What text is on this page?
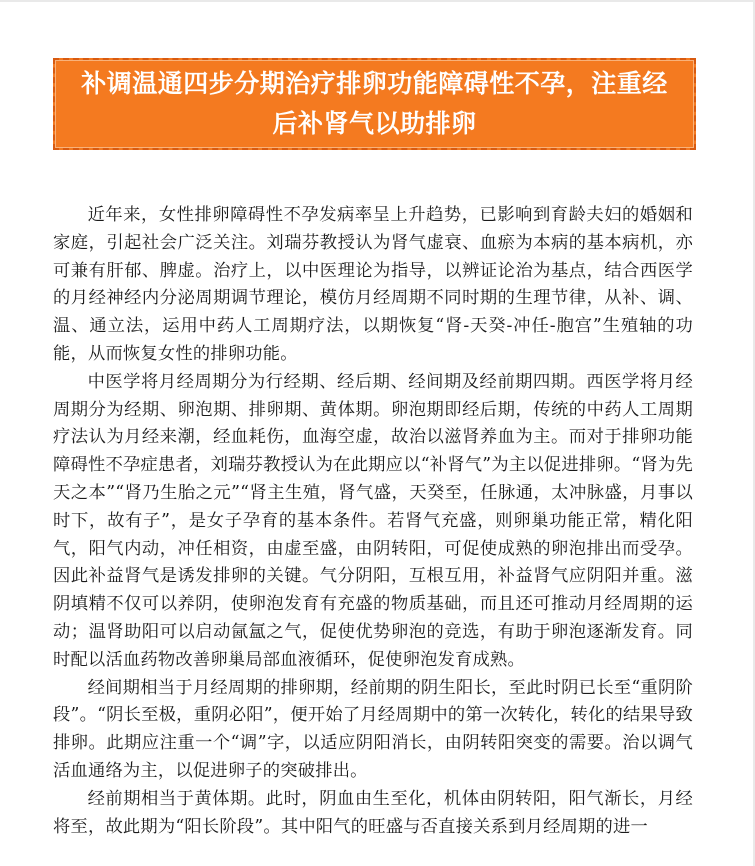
补调温通四步分期治疗排卵功能障碍性不孕，注重经后补肾气以助排卵

近年来，女性排卵障碍性不孕发病率呈上升趋势，已影响到育龄夫妇的婚姻和家庭，引起社会广泛关注。刘瑞芬教授认为肾气虚衰、血瘀为本病的基本病机，亦可兼有肝郁、脾虚。治疗上，以中医理论为指导，以辨证论治为基点，结合西医学的月经神经内分泌周期调节理论，模仿月经周期不同时期的生理节律，从补、调、温、通立法，运用中药人工周期疗法，以期恢复“肾-天癸-冲任-胞宫”生殖轴的功能，从而恢复女性的排卵功能。

中医学将月经周期分为行经期、经后期、经间期及经前期四期。西医学将月经周期分为经期、卵泡期、排卵期、黄体期。卵泡期即经后期，传统的中药人工周期疗法认为月经来潮，经血耗伤，血海空虚，故治以滋肾养血为主。而对于排卵功能障碍性不孕症患者，刘瑞芬教授认为在此期应以“补肾气”为主以促进排卵。“肾为先天之本”“肾乃生胎之元”“肾主生殖，肾气盛，天癸至，任脉通，太冲脉盛，月事以时下，故有子”，是女子孕育的基本条件。若肾气充盛，则卵巢功能正常，精化阳气，阳气内动，冲任相资，由虚至盛，由阴转阳，可促使成熟的卵泡排出而受孕。因此补益肾气是诱发排卵的关键。气分阴阳，互根互用，补益肾气应阴阳并重。滋阴填精不仅可以养阴，使卵泡发育有充盛的物质基础，而且还可推动月经周期的运动；温肾助阳可以启动氤氲之气，促使优势卵泡的竞选，有助于卵泡逐渐发育。同时配以活血药物改善卵巢局部血液循环，促使卵泡发育成熟。

经间期相当于月经周期的排卵期，经前期的阴生阳长，至此时阴已长至“重阴阶段”。“阴长至极，重阴必阳”，便开始了月经周期中的第一次转化，转化的结果导致排卵。此期应注重一个“调”字，以适应阴阳消长，由阴转阳突变的需要。治以调气活血通络为主，以促进卵子的突破排出。

经前期相当于黄体期。此时，阴血由生至化，机体由阴转阳，阳气渐长，月经将至，故此期为“阳长阶段”。其中阳气的旺盛与否直接关系到月经周期的进一
